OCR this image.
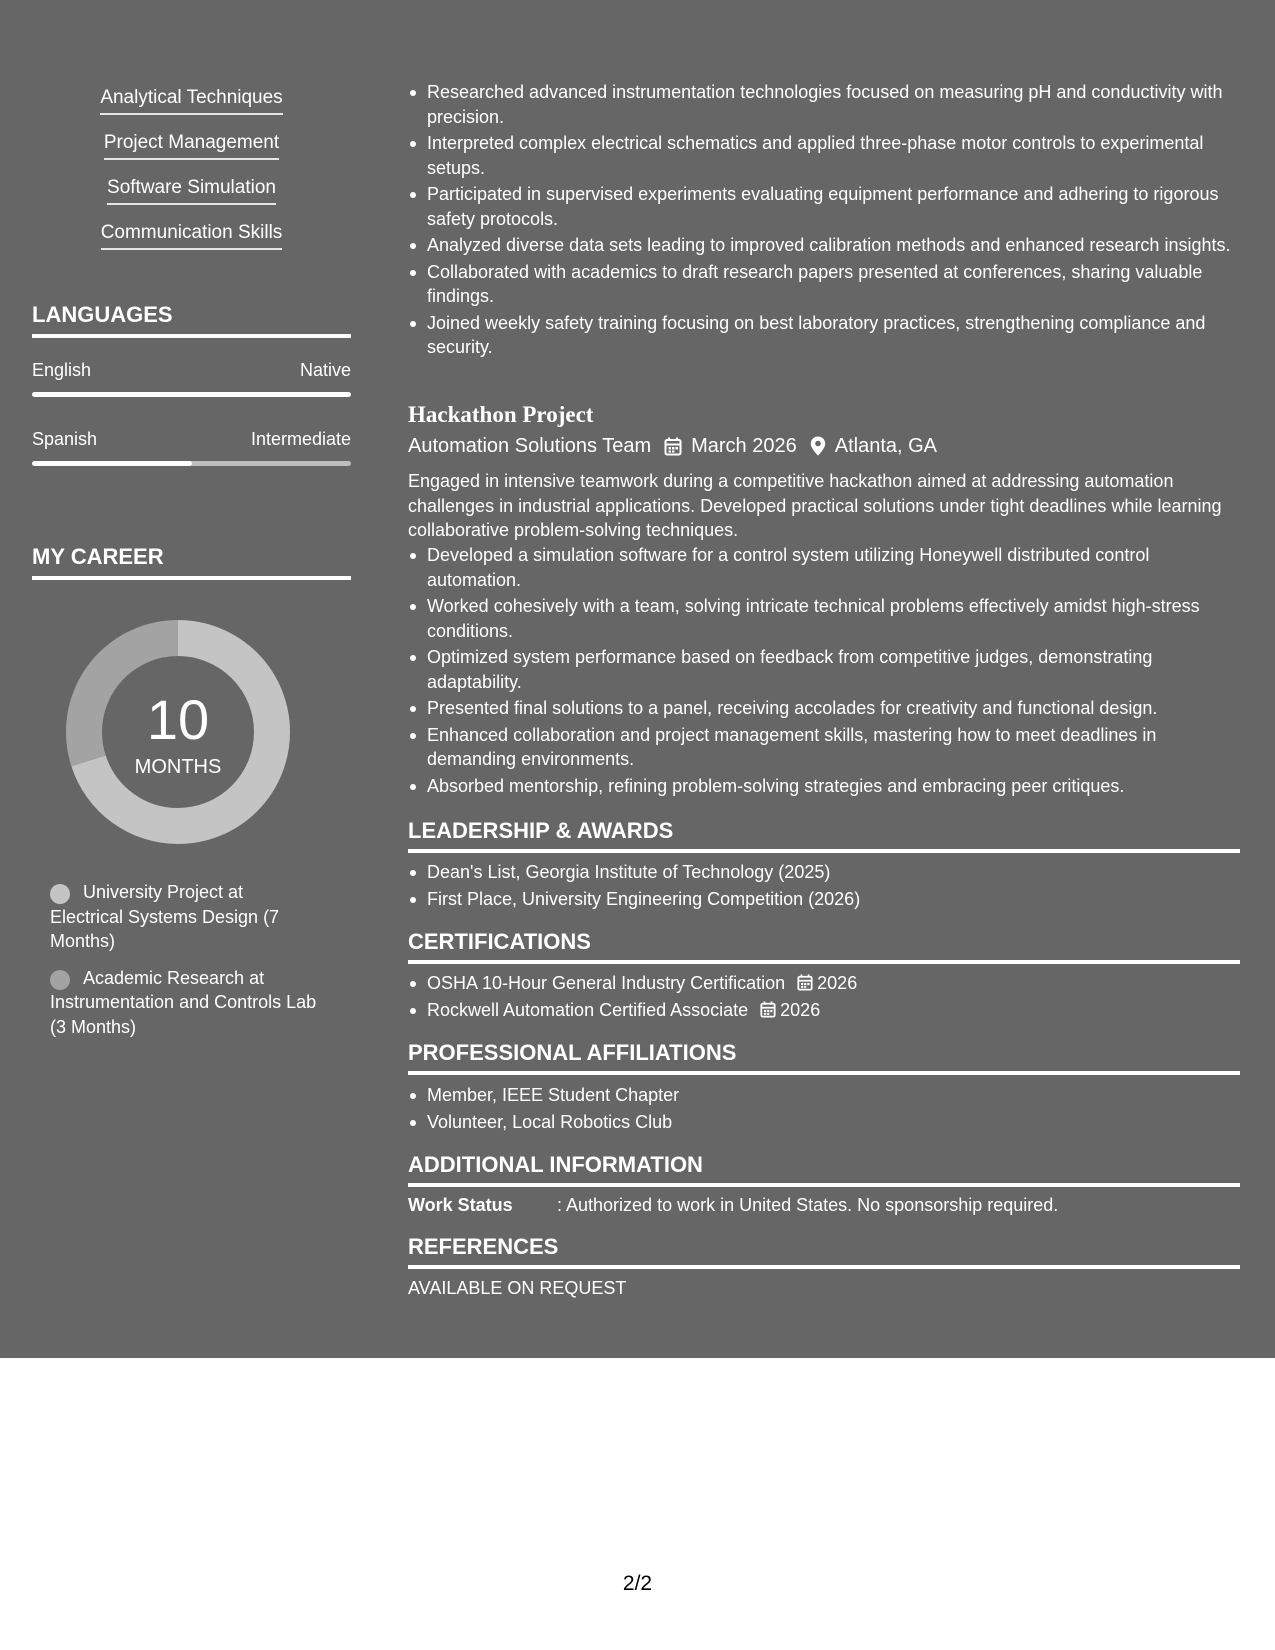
Analytical Techniques
Project Management
Software Simulation
Communication Skills
LANGUAGES
English	Native
Spanish	Intermediate
MY CAREER
10
MONTHS
University Project at Electrical Systems Design (7 Months)
Academic Research at Instrumentation and Controls Lab (3 Months)
Researched advanced instrumentation technologies focused on measuring pH and conductivity with precision.
Interpreted complex electrical schematics and applied three-phase motor controls to experimental setups.
Participated in supervised experiments evaluating equipment performance and adhering to rigorous safety protocols.
Analyzed diverse data sets leading to improved calibration methods and enhanced research insights.
Collaborated with academics to draft research papers presented at conferences, sharing valuable findings.
Joined weekly safety training focusing on best laboratory practices, strengthening compliance and security.
Hackathon Project
Automation Solutions Team March 2026 Atlanta, GA
Engaged in intensive teamwork during a competitive hackathon aimed at addressing automation challenges in industrial applications. Developed practical solutions under tight deadlines while learning collaborative problem-solving techniques.
Developed a simulation software for a control system utilizing Honeywell distributed control automation.
Worked cohesively with a team, solving intricate technical problems effectively amidst high-stress conditions.
Optimized system performance based on feedback from competitive judges, demonstrating adaptability.
Presented final solutions to a panel, receiving accolades for creativity and functional design.
Enhanced collaboration and project management skills, mastering how to meet deadlines in demanding environments.
Absorbed mentorship, refining problem-solving strategies and embracing peer critiques.
LEADERSHIP & AWARDS
Dean's List, Georgia Institute of Technology (2025)
First Place, University Engineering Competition (2026)
CERTIFICATIONS
OSHA 10-Hour General Industry Certification 2026
Rockwell Automation Certified Associate 2026
PROFESSIONAL AFFILIATIONS
Member, IEEE Student Chapter
Volunteer, Local Robotics Club
ADDITIONAL INFORMATION
Work Status : Authorized to work in United States. No sponsorship required.
REFERENCES
AVAILABLE ON REQUEST
2/2
